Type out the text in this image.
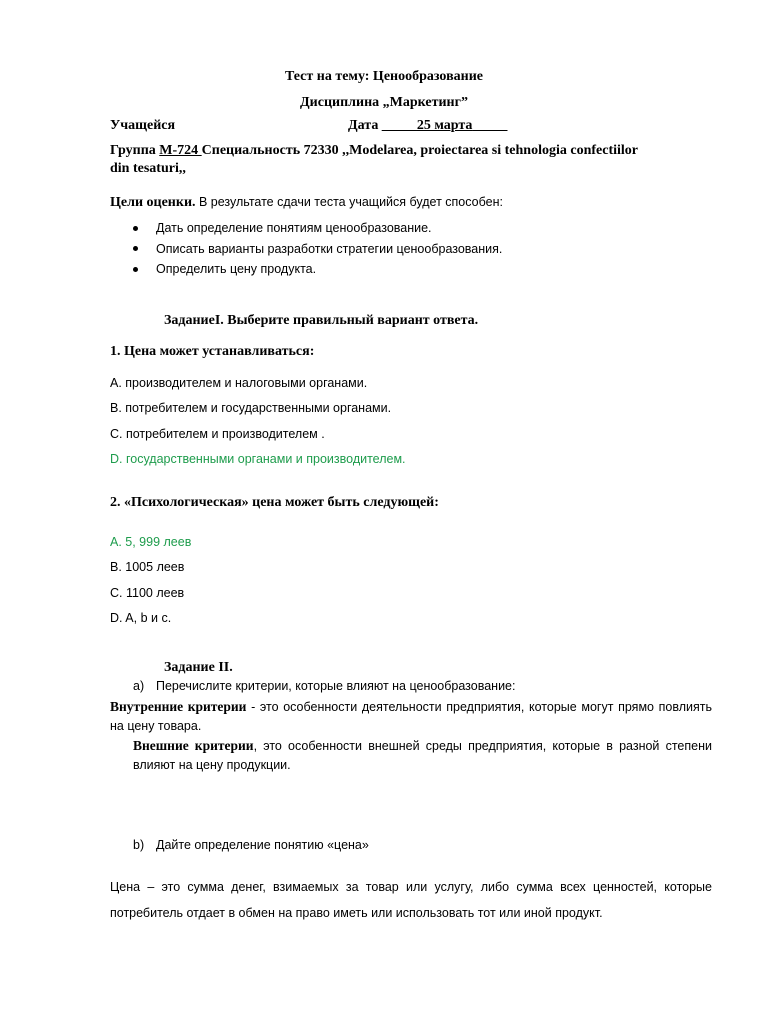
Тест на тему: Ценообразование
Дисциплина „Маркетинг”
Учащейся	Дата _____25 марта_____
Группа М-724 Специальность 72330 ,,Modelarea, proiectarea si tehnologia confectiilor
din tesaturi,,
Цели оценки. В результате сдачи теста учащийся будет способен:
Дать определение понятиям ценообразование.
Описать варианты разработки стратегии ценообразования.
Определить цену продукта.
ЗаданиеI. Выберите правильный вариант ответа.
1. Цена может устанавливаться:
A. производителем и налоговыми органами.
B. потребителем и государственными органами.
C. потребителем и производителем .
D. государственными органами и производителем.
2. «Психологическая» цена может быть следующей:
A. 5, 999 леев
B. 1005 леев
C. 1100 леев
D. A, b и c.
Задание II.
a) Перечислите критерии, которые влияют на ценообразование:
Внутренние критерии - это особенности деятельности предприятия, которые могут прямо повлиять на цену товара.
Внешние критерии, это особенности внешней среды предприятия, которые в разной степени влияют на цену продукции.
b) Дайте определение понятию «цена»
Цена – это сумма денег, взимаемых за товар или услугу, либо сумма всех ценностей, которые потребитель отдает в обмен на право иметь или использовать тот или иной продукт.
